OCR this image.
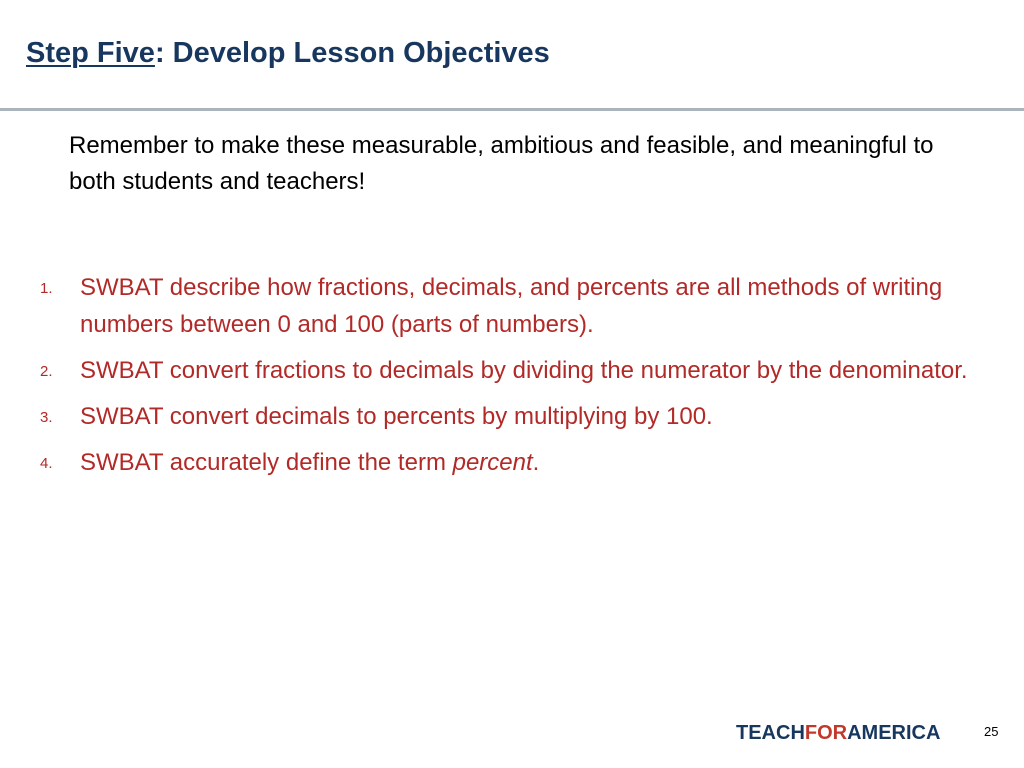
Step Five: Develop Lesson Objectives

Remember to make these measurable, ambitious and feasible, and meaningful to both students and teachers!

1. SWBAT describe how fractions, decimals, and percents are all methods of writing numbers between 0 and 100 (parts of numbers).
2. SWBAT convert fractions to decimals by dividing the numerator by the denominator.
3. SWBAT convert decimals to percents by multiplying by 100.
4. SWBAT accurately define the term percent.
TEACHFORAMERICA	25
